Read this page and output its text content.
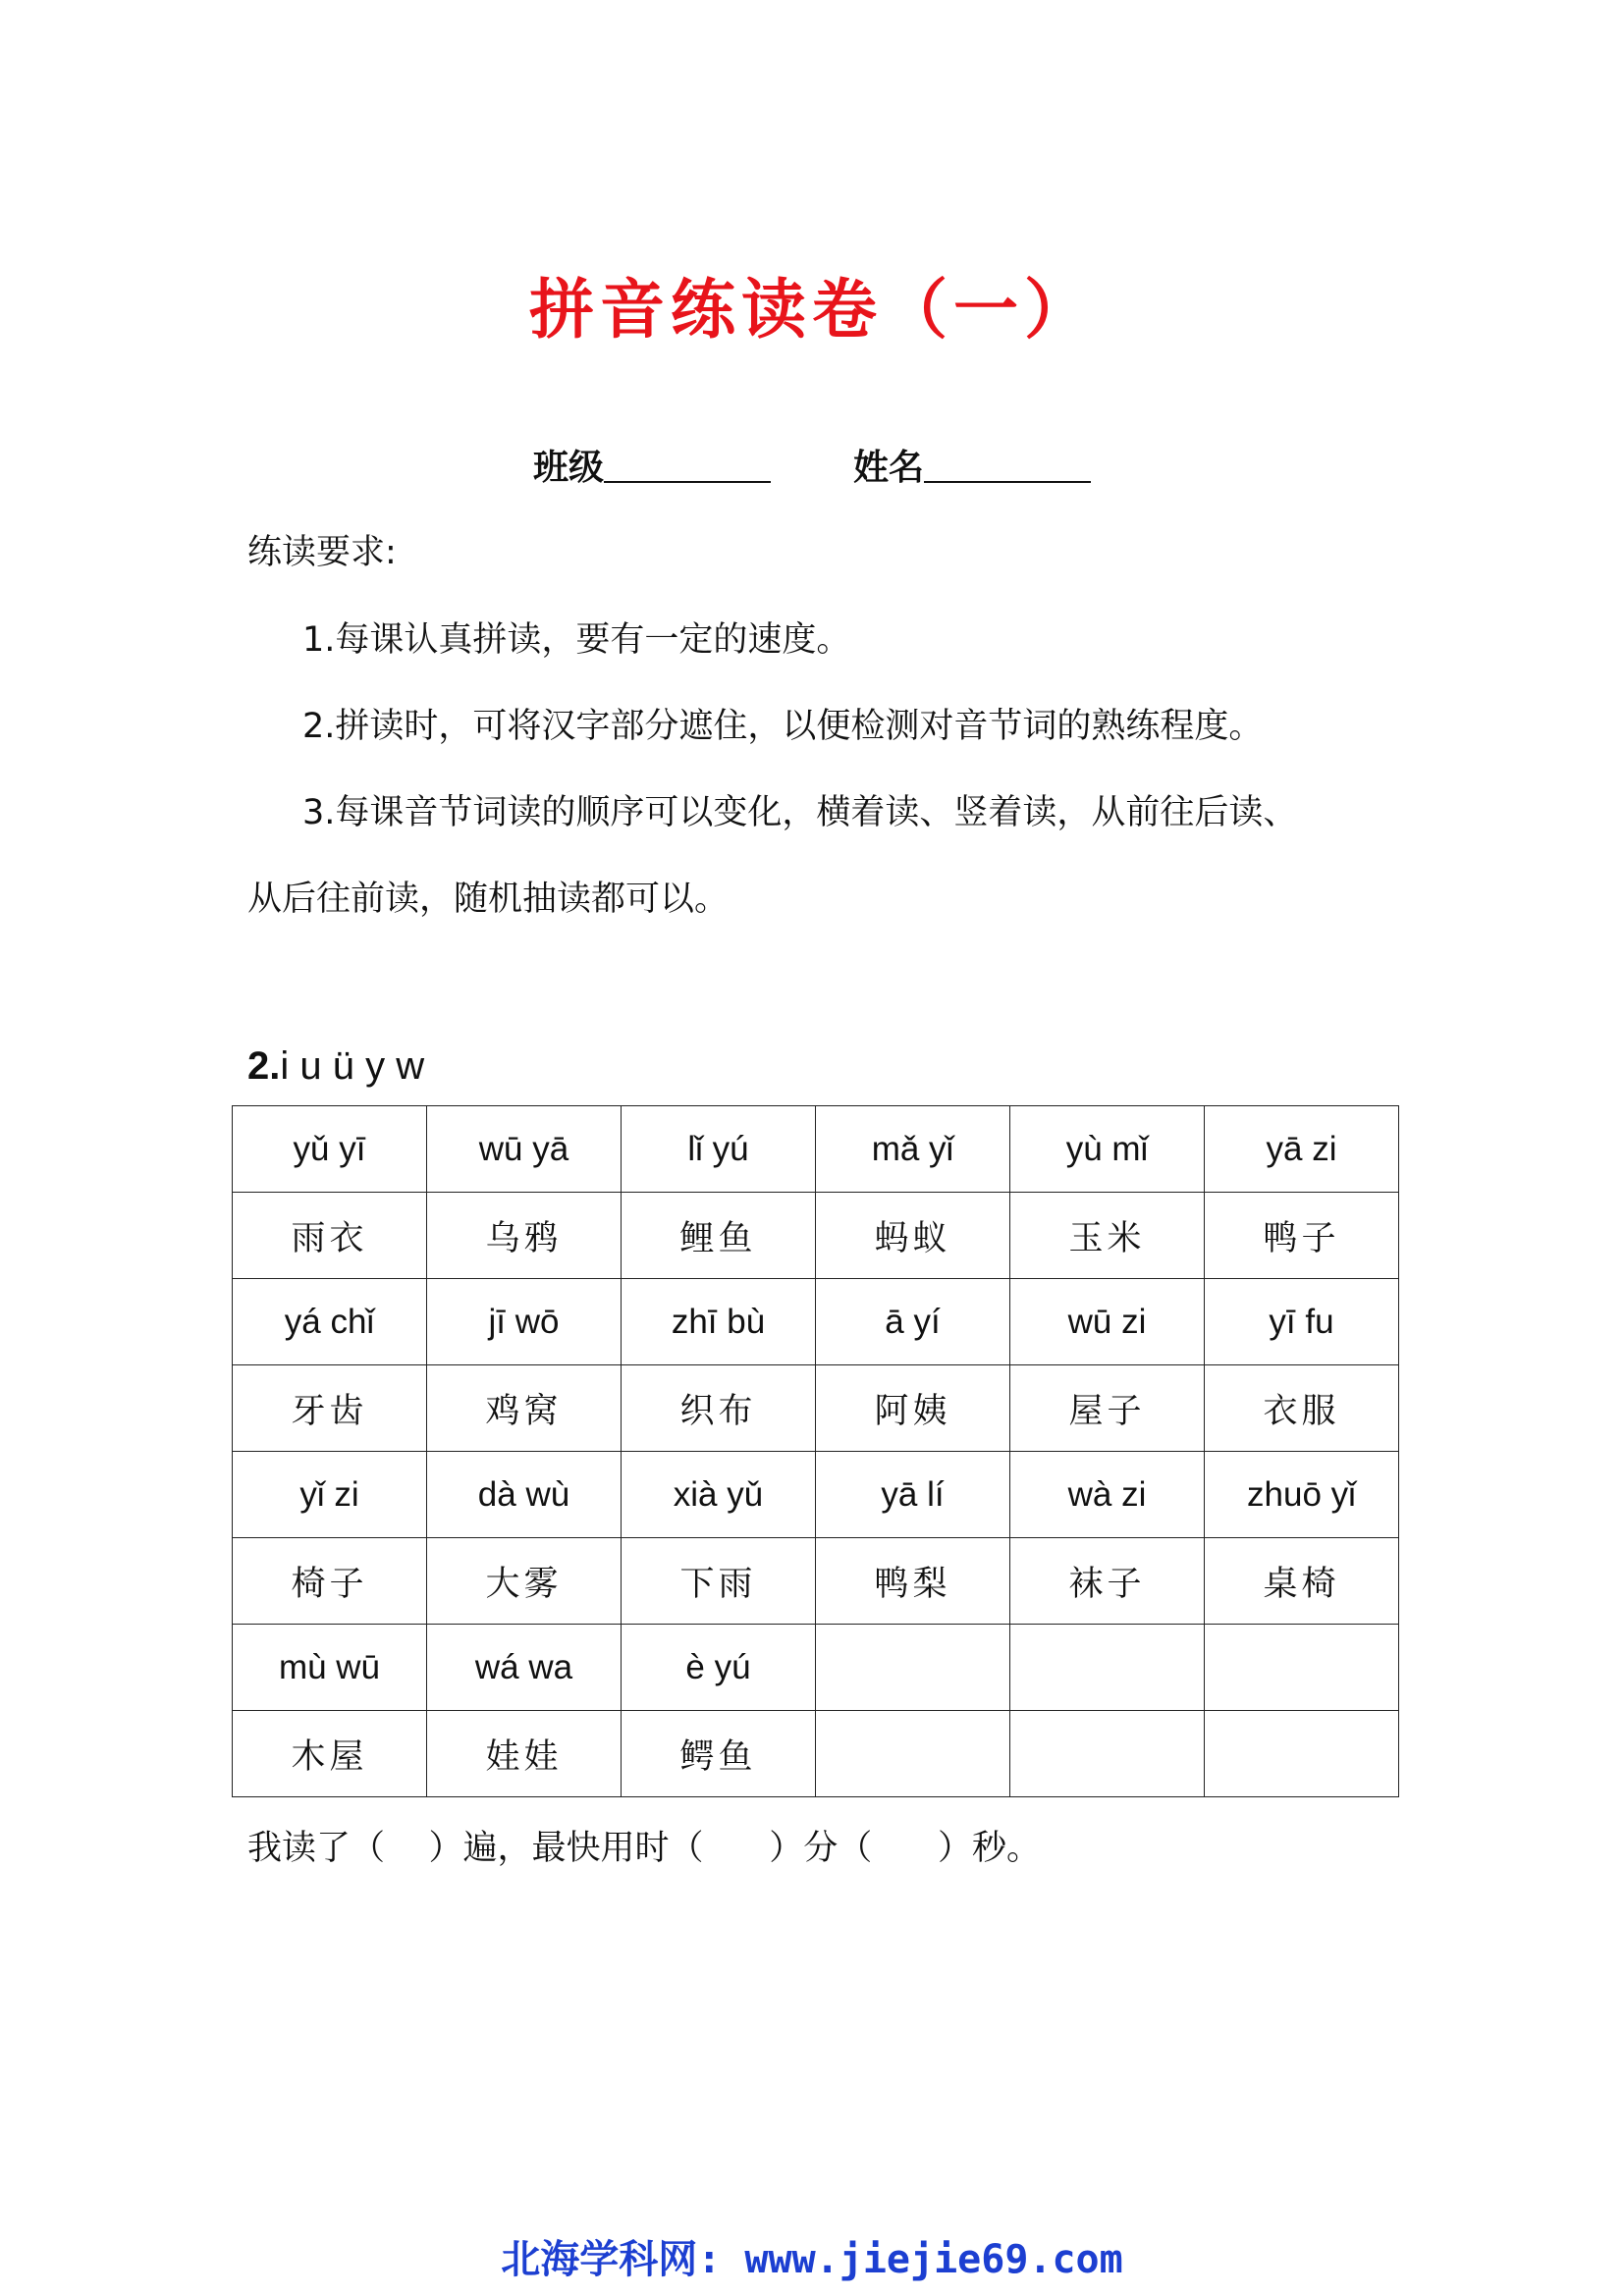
拼音练读卷（一）
班级	姓名
练读要求:
1.每课认真拼读，要有一定的速度。
2.拼读时，可将汉字部分遮住，以便检测对音节词的熟练程度。
3.每课音节词读的顺序可以变化，横着读、竖着读，从前往后读、
从后往前读，随机抽读都可以。
2.i u ü y w
yǔ yī	wū yā	lǐ yú	mǎ yǐ	yù mǐ	yā zi
雨衣	乌鸦	鲤鱼	蚂蚁	玉米	鸭子
yá chǐ	jī wō	zhī bù	ā yí	wū zi	yī fu
牙齿	鸡窝	织布	阿姨	屋子	衣服
yǐ zi	dà wù	xià yǔ	yā lí	wà zi	zhuō yǐ
椅子	大雾	下雨	鸭梨	袜子	桌椅
mù wū	wá wa	è yú			
木屋	娃娃	鳄鱼			
我读了（    ）遍，最快用时（      ）分（      ）秒。
北海学科网: www.jiejie69.com
